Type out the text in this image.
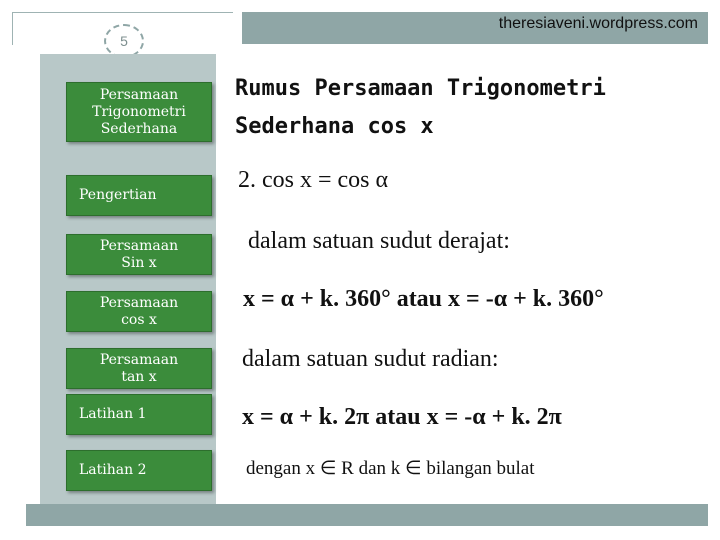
theresiaveni.wordpress.com
5
Persamaan
Trigonometri
Sederhana
Pengertian
Persamaan
Sin x
Persamaan
cos x
Persamaan
tan x
Latihan 1
Latihan 2
Rumus Persamaan Trigonometri
Sederhana cos x
2. cos x = cos α
dalam satuan sudut derajat:
x = α + k. 360° atau x = -α + k. 360°
dalam satuan sudut radian:
x = α + k. 2π atau x = -α + k. 2π
dengan x ∈ R dan k ∈ bilangan bulat
